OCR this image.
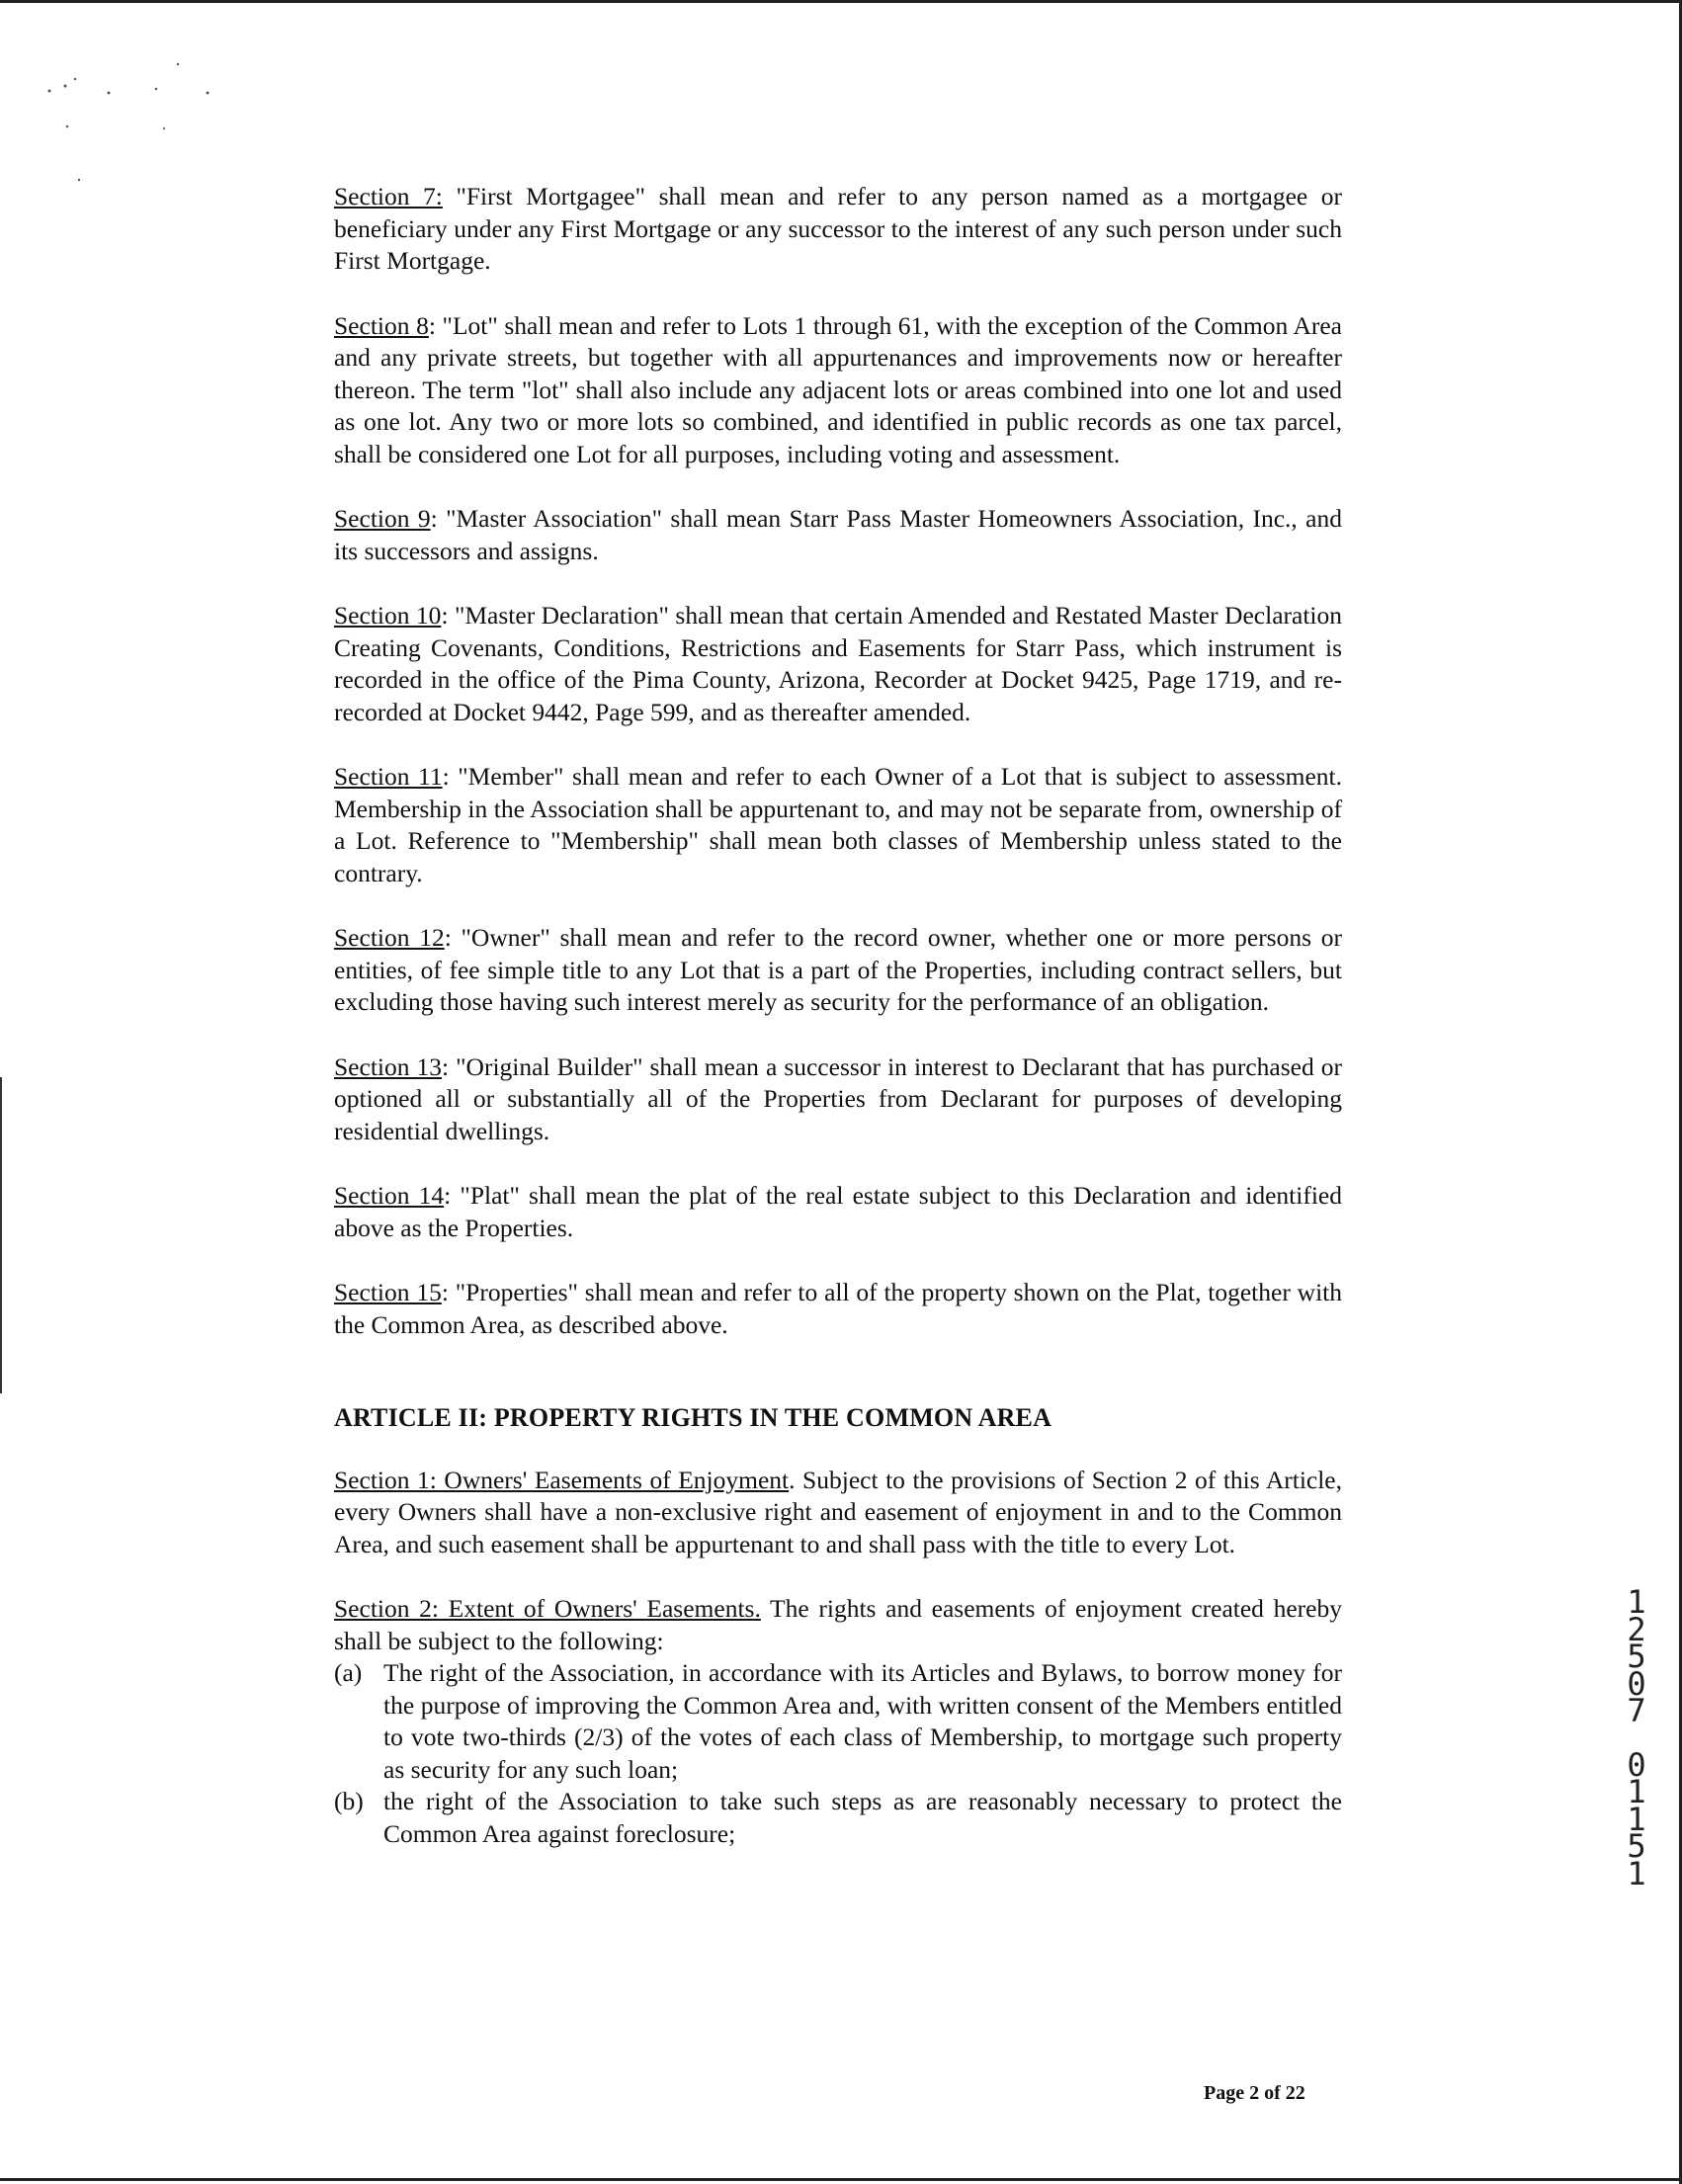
Section 7: "First Mortgagee" shall mean and refer to any person named as a mortgagee or beneficiary under any First Mortgage or any successor to the interest of any such person under such First Mortgage.

Section 8: "Lot" shall mean and refer to Lots 1 through 61, with the exception of the Common Area and any private streets, but together with all appurtenances and improvements now or hereafter thereon. The term "lot" shall also include any adjacent lots or areas combined into one lot and used as one lot. Any two or more lots so combined, and identified in public records as one tax parcel, shall be considered one Lot for all purposes, including voting and assessment.

Section 9: "Master Association" shall mean Starr Pass Master Homeowners Association, Inc., and its successors and assigns.

Section 10: "Master Declaration" shall mean that certain Amended and Restated Master Declaration Creating Covenants, Conditions, Restrictions and Easements for Starr Pass, which instrument is recorded in the office of the Pima County, Arizona, Recorder at Docket 9425, Page 1719, and re-recorded at Docket 9442, Page 599, and as thereafter amended.

Section 11: "Member" shall mean and refer to each Owner of a Lot that is subject to assessment. Membership in the Association shall be appurtenant to, and may not be separate from, ownership of a Lot. Reference to "Membership" shall mean both classes of Membership unless stated to the contrary.

Section 12: "Owner" shall mean and refer to the record owner, whether one or more persons or entities, of fee simple title to any Lot that is a part of the Properties, including contract sellers, but excluding those having such interest merely as security for the performance of an obligation.

Section 13: "Original Builder" shall mean a successor in interest to Declarant that has purchased or optioned all or substantially all of the Properties from Declarant for purposes of developing residential dwellings.

Section 14: "Plat" shall mean the plat of the real estate subject to this Declaration and identified above as the Properties.

Section 15: "Properties" shall mean and refer to all of the property shown on the Plat, together with the Common Area, as described above.

ARTICLE II: PROPERTY RIGHTS IN THE COMMON AREA

Section 1: Owners' Easements of Enjoyment. Subject to the provisions of Section 2 of this Article, every Owners shall have a non-exclusive right and easement of enjoyment in and to the Common Area, and such easement shall be appurtenant to and shall pass with the title to every Lot.

Section 2: Extent of Owners' Easements. The rights and easements of enjoyment created hereby shall be subject to the following:

(a) The right of the Association, in accordance with its Articles and Bylaws, to borrow money for the purpose of improving the Common Area and, with written consent of the Members entitled to vote two-thirds (2/3) of the votes of each class of Membership, to mortgage such property as security for any such loan;
(b) the right of the Association to take such steps as are reasonably necessary to protect the Common Area against foreclosure;
Page 2 of 22
1
2
5
0
7
0
1
1
5
1
